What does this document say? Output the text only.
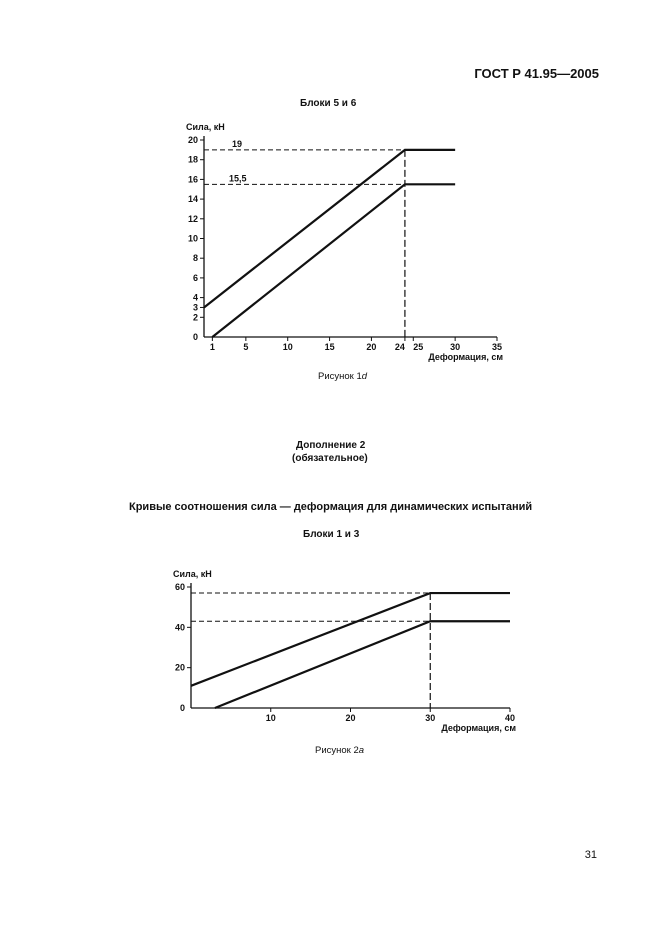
ГОСТ Р 41.95—2005
Блоки 5 и 6
0
2
3
4
6
8
10
12
14
16
18
20
1	5	10	15	20 24 25	30	35
Сила, кН
Деформация, см
19
15,5
Рисунок 1d
Дополнение 2
(обязательное)
Кривые соотношения сила — деформация для динамических испытаний
Блоки 1 и 3
0
20
40
60
10	20	30	40
Сила, кН
Деформация, см
Рисунок 2a
31
